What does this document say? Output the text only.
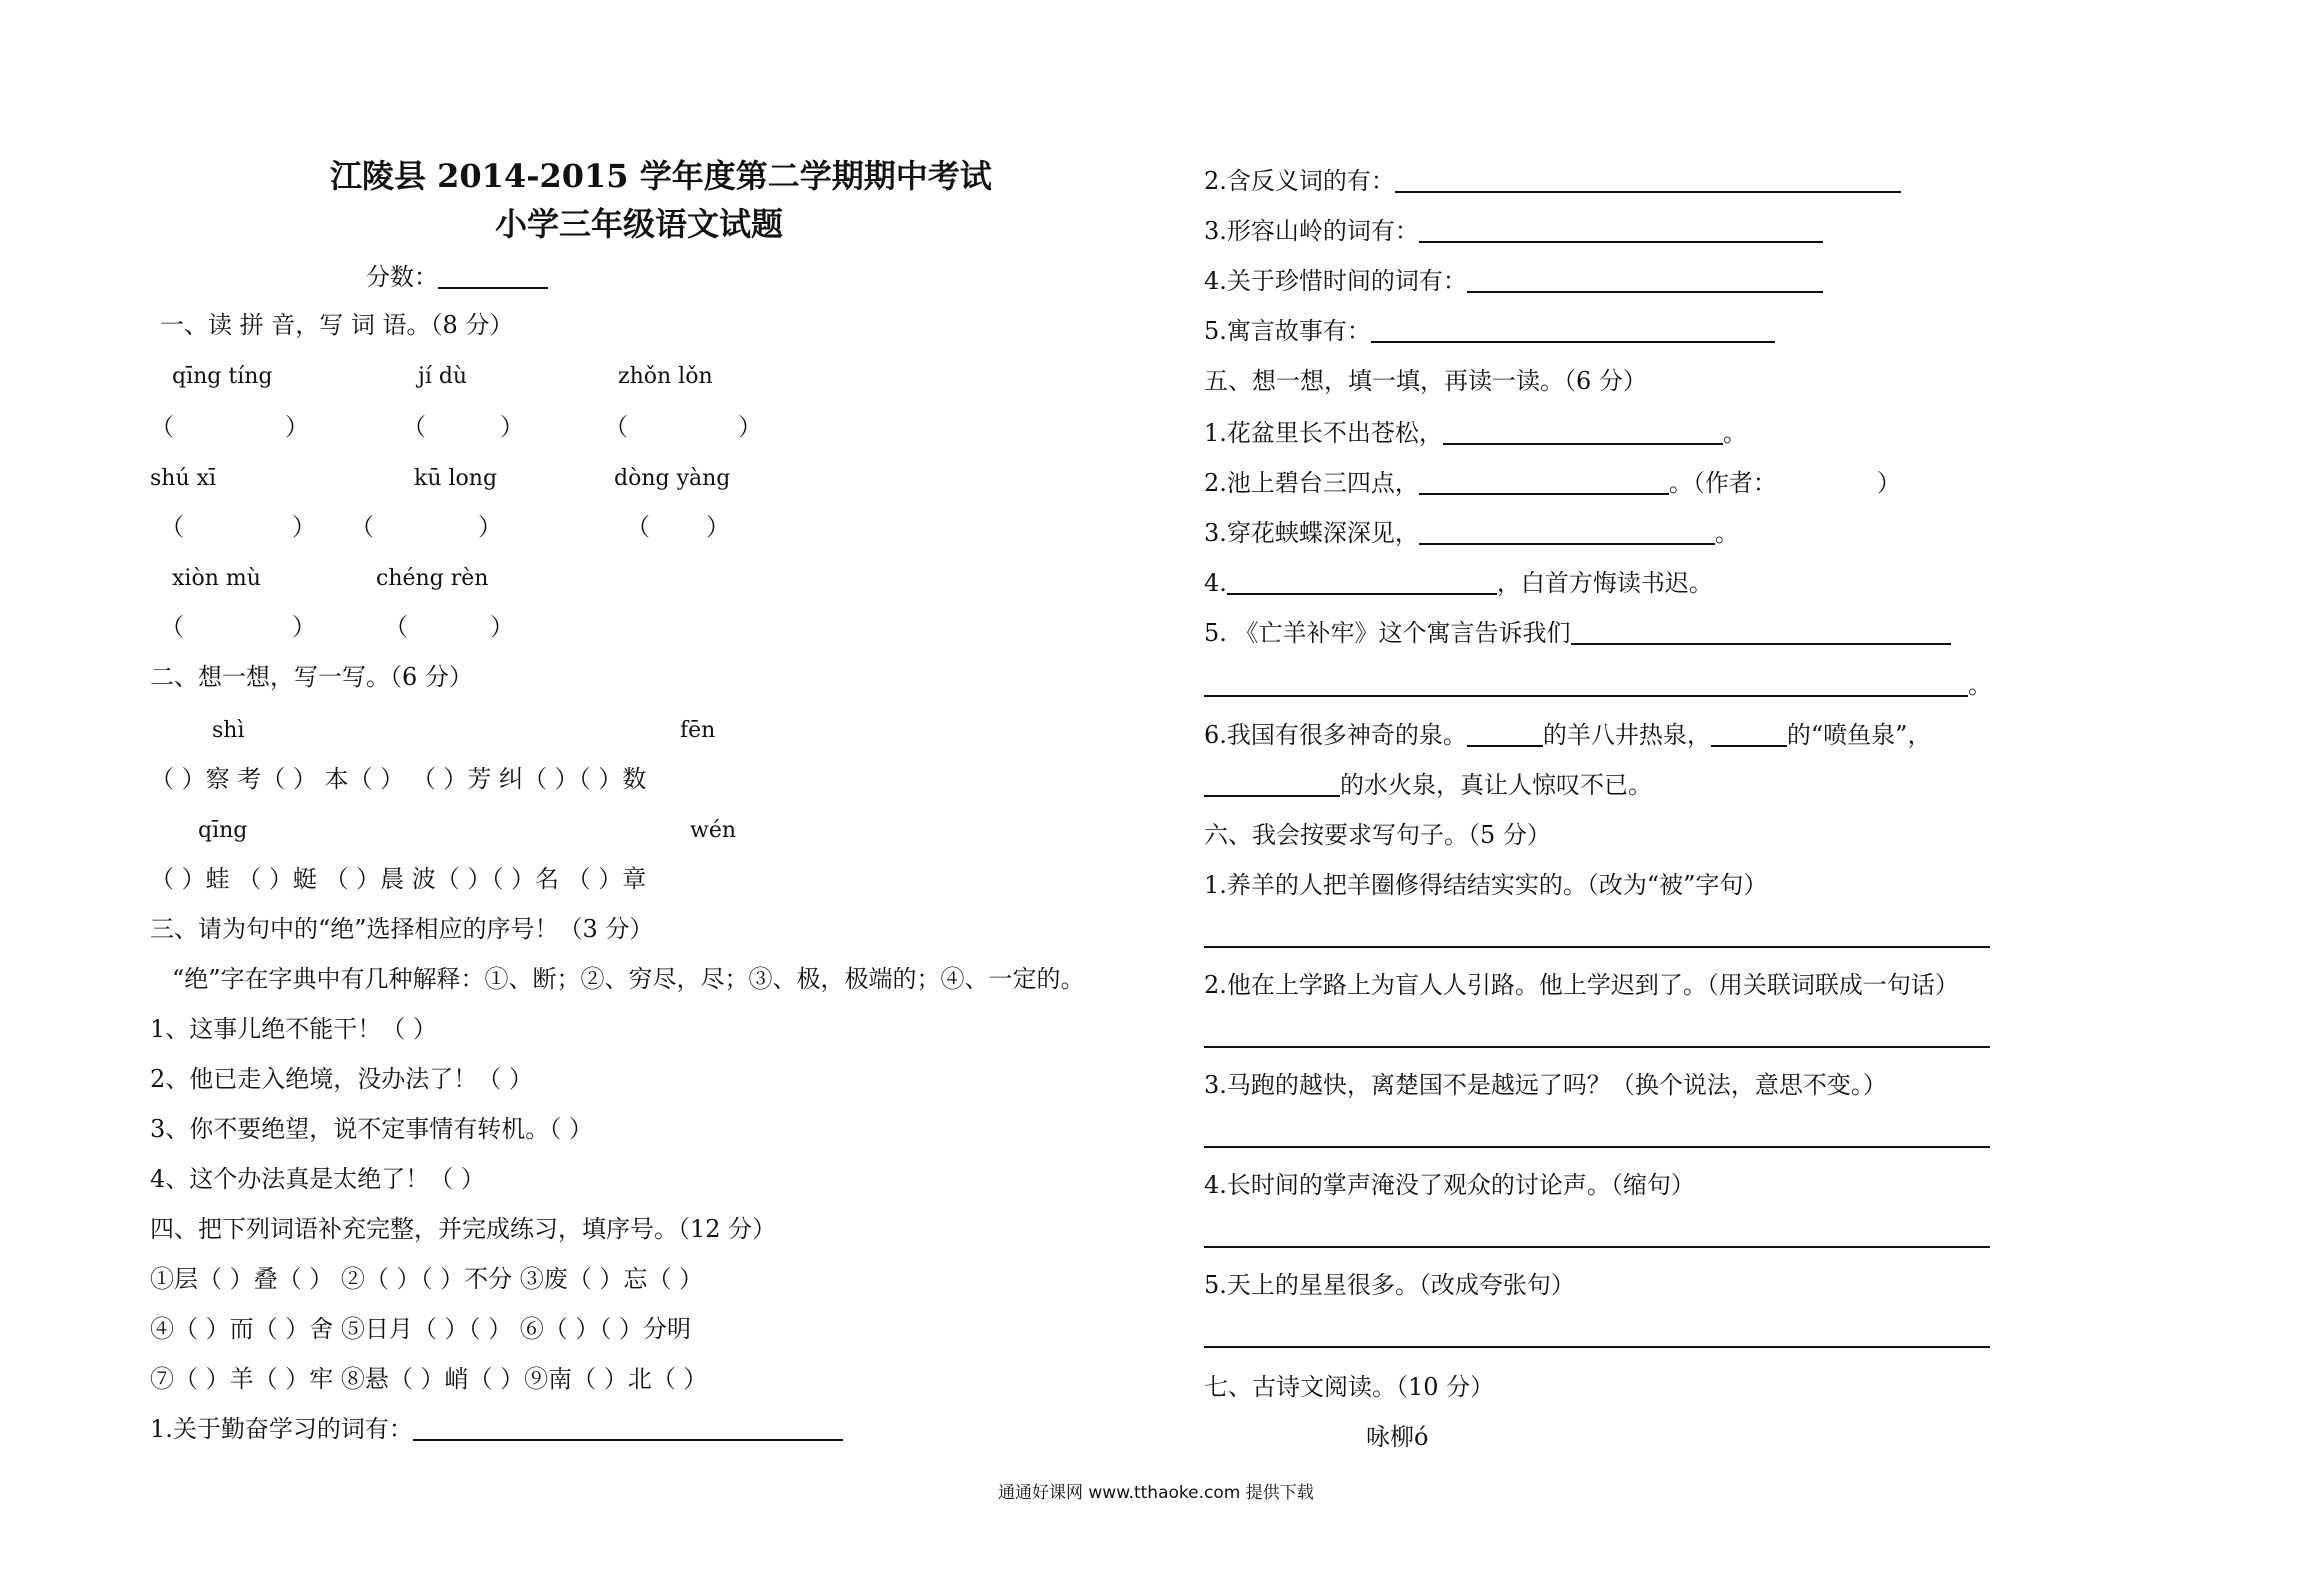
江陵县 2014-2015 学年度第二学期期中考试
小学三年级语文试题
分数：
一、读 拼 音，写 词 语。（8 分）
qīng tíng	jí dù	zhǒn lǒn
（	）	（	）	（	）
shú xī	kū long	dòng yàng
（	） （	）	（ ）
xiòn mù	chéng rèn
（	）	（	）
二、想一想，写一写。（6 分）
shì	fēn
（ ）察 考（ ） 本（ ） （ ）芳 纠（ ）（ ）数
qīng	wén
（ ）蛙 （ ）蜓 （ ）晨 波（ ）（ ）名 （ ）章
三、请为句中的“绝”选择相应的序号！（3 分）
“绝”字在字典中有几种解释：①、断；②、穷尽，尽；③、极，极端的；④、一定的。
1、这事儿绝不能干！（ ）
2、他已走入绝境，没办法了！（ ）
3、你不要绝望，说不定事情有转机。（ ）
4、这个办法真是太绝了！（ ）
四、把下列词语补充完整，并完成练习，填序号。（12 分）
①层（ ）叠（ ） ②（ ）（ ）不分 ③废（ ）忘（ ）
④（ ）而（ ）舍 ⑤日月（ ）（ ） ⑥（ ）（ ）分明
⑦（ ）羊（ ）牢 ⑧悬（ ）峭（ ）⑨南（ ）北（ ）
1.关于勤奋学习的词有：
2.含反义词的有：
3.形容山岭的词有：
4.关于珍惜时间的词有：
5.寓言故事有：
五、想一想，填一填，再读一读。（6 分）
1.花盆里长不出苍松，	。
2.池上碧台三四点，	。（作者：	）
3.穿花蛱蝶深深见，	。
4.	，白首方悔读书迟。
5. 《亡羊补牢》这个寓言告诉我们
。
6.我国有很多神奇的泉。	的羊八井热泉，	的“喷鱼泉”，
的水火泉，真让人惊叹不已。
六、我会按要求写句子。（5 分）
1.养羊的人把羊圈修得结结实实的。（改为“被”字句）
2.他在上学路上为盲人人引路。他上学迟到了。（用关联词联成一句话）
3.马跑的越快，离楚国不是越远了吗？（换个说法，意思不变。）
4.长时间的掌声淹没了观众的讨论声。（缩句）
5.天上的星星很多。（改成夸张句）
七、古诗文阅读。（10 分）
咏柳ó
通通好课网 www.tthaoke.com 提供下载
